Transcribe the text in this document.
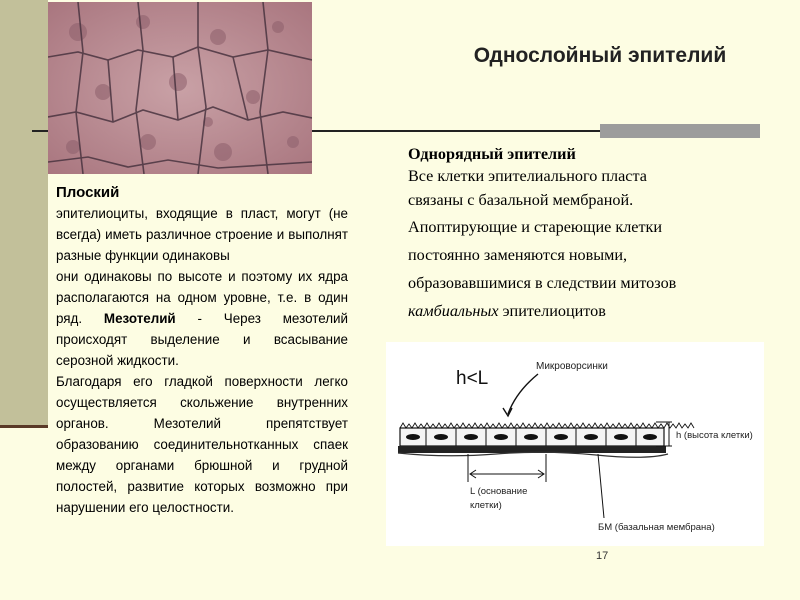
Однослойный эпителий

Плоский

эпителиоциты, входящие в пласт, могут (не всегда) иметь различное строение и выполнят разные функции одинаковы

они одинаковы по высоте и поэтому их ядра располагаются на одном уровне, т.е. в один ряд. Мезотелий - Через мезотелий происходят выделение и всасывание серозной жидкости.

Благодаря его гладкой поверхности легко осуществляется скольжение внутренних органов. Мезотелий препятствует образованию соединительнотканных спаек между органами брюшной и грудной полостей, развитие которых возможно при нарушении его целостности.

Однорядный эпителий
Все клетки эпителиального пласта
связаны с базальной мембраной.
Апоптирующие и стареющие клетки
постоянно заменяются новыми,
образовавшимися в следствии митозов
камбиальных эпителиоцитов
h<L
Микроворсинки
h (высота клетки)
L (основание
клетки)
БМ (базальная мембрана)
17
